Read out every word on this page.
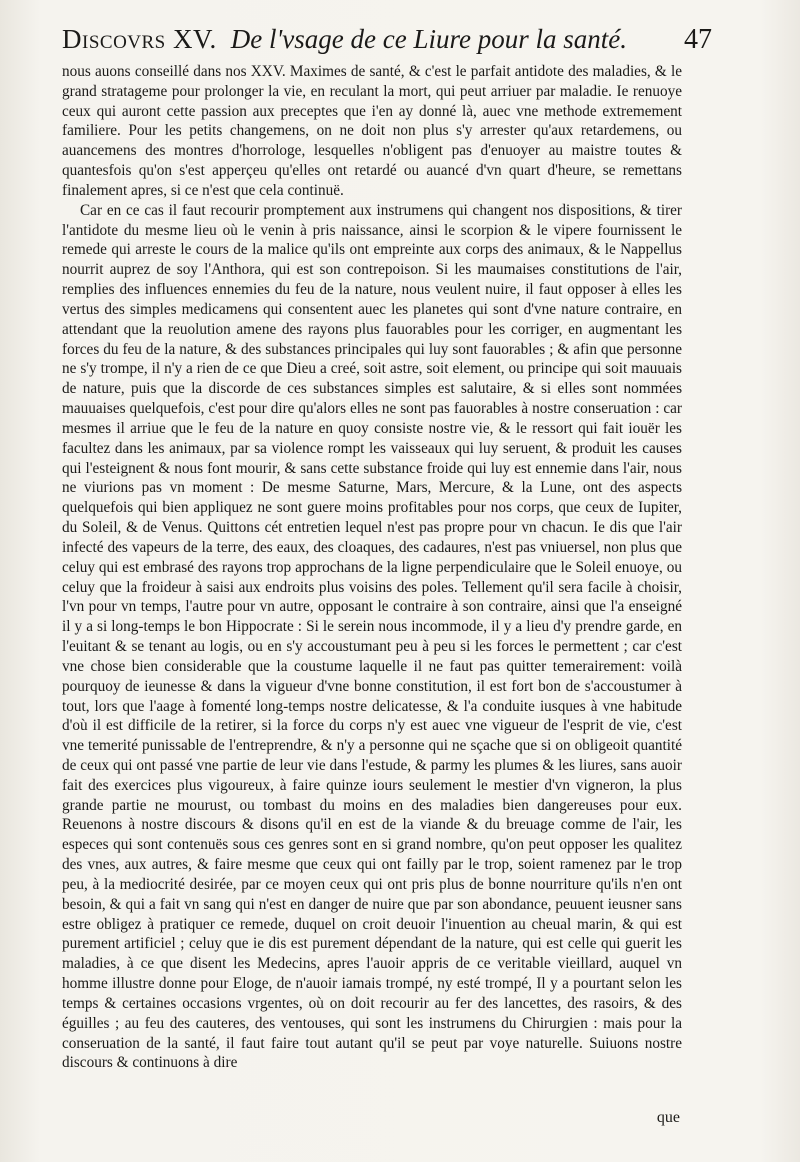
Discovrs XV. De l'vsage de ce Liure pour la santé. 47

nous auons conseillé dans nos XXV. Maximes de santé, & c'est le parfait antidote des maladies, & le grand stratageme pour prolonger la vie, en reculant la mort, qui peut arriuer par maladie. Ie renuoye ceux qui auront cette passion aux preceptes que i'en ay donné là, auec vne methode extremement familiere. Pour les petits changemens, on ne doit non plus s'y arrester qu'aux retardemens, ou auancemens des montres d'horrologe, lesquelles n'obligent pas d'enuoyer au maistre toutes & quantesfois qu'on s'est apperçeu qu'elles ont retardé ou auancé d'vn quart d'heure, se remettans finalement apres, si ce n'est que cela continuë.

Car en ce cas il faut recourir promptement aux instrumens qui changent nos dispositions, & tirer l'antidote du mesme lieu où le venin à pris naissance, ainsi le scorpion & le vipere fournissent le remede qui arreste le cours de la malice qu'ils ont empreinte aux corps des animaux, & le Nappellus nourrit auprez de soy l'Anthora, qui est son contrepoison. Si les maumaises constitutions de l'air, remplies des influences ennemies du feu de la nature, nous veulent nuire, il faut opposer à elles les vertus des simples medicamens qui consentent auec les planetes qui sont d'vne nature contraire, en attendant que la reuolution amene des rayons plus fauorables pour les corriger, en augmentant les forces du feu de la nature, & des substances principales qui luy sont fauorables ; & afin que personne ne s'y trompe, il n'y a rien de ce que Dieu a creé, soit astre, soit element, ou principe qui soit mauuais de nature, puis que la discorde de ces substances simples est salutaire, & si elles sont nommées mauuaises quelquefois, c'est pour dire qu'alors elles ne sont pas fauorables à nostre conseruation : car mesmes il arriue que le feu de la nature en quoy consiste nostre vie, & le ressort qui fait iouër les facultez dans les animaux, par sa violence rompt les vaisseaux qui luy seruent, & produit les causes qui l'esteignent & nous font mourir, & sans cette substance froide qui luy est ennemie dans l'air, nous ne viurions pas vn moment : De mesme Saturne, Mars, Mercure, & la Lune, ont des aspects quelquefois qui bien appliquez ne sont guere moins profitables pour nos corps, que ceux de Iupiter, du Soleil, & de Venus. Quittons cét entretien lequel n'est pas propre pour vn chacun. Ie dis que l'air infecté des vapeurs de la terre, des eaux, des cloaques, des cadaures, n'est pas vniuersel, non plus que celuy qui est embrasé des rayons trop approchans de la ligne perpendiculaire que le Soleil enuoye, ou celuy que la froideur à saisi aux endroits plus voisins des poles. Tellement qu'il sera facile à choisir, l'vn pour vn temps, l'autre pour vn autre, opposant le contraire à son contraire, ainsi que l'a enseigné il y a si long-temps le bon Hippocrate : Si le serein nous incommode, il y a lieu d'y prendre garde, en l'euitant & se tenant au logis, ou en s'y accoustumant peu à peu si les forces le permettent ; car c'est vne chose bien considerable que la coustume laquelle il ne faut pas quitter temerairement: voilà pourquoy de ieunesse & dans la vigueur d'vne bonne constitution, il est fort bon de s'accoustumer à tout, lors que l'aage à fomenté long-temps nostre delicatesse, & l'a conduite iusques à vne habitude d'où il est difficile de la retirer, si la force du corps n'y est auec vne vigueur de l'esprit de vie, c'est vne temerité punissable de l'entreprendre, & n'y a personne qui ne sçache que si on obligeoit quantité de ceux qui ont passé vne partie de leur vie dans l'estude, & parmy les plumes & les liures, sans auoir fait des exercices plus vigoureux, à faire quinze iours seulement le mestier d'vn vigneron, la plus grande partie ne mourust, ou tombast du moins en des maladies bien dangereuses pour eux. Reuenons à nostre discours & disons qu'il en est de la viande & du breuage comme de l'air, les especes qui sont contenuës sous ces genres sont en si grand nombre, qu'on peut opposer les qualitez des vnes, aux autres, & faire mesme que ceux qui ont failly par le trop, soient ramenez par le trop peu, à la mediocrité desirée, par ce moyen ceux qui ont pris plus de bonne nourriture qu'ils n'en ont besoin, & qui a fait vn sang qui n'est en danger de nuire que par son abondance, peuuent ieusner sans estre obligez à pratiquer ce remede, duquel on croit deuoir l'inuention au cheual marin, & qui est purement artificiel ; celuy que ie dis est purement dépendant de la nature, qui est celle qui guerit les maladies, à ce que disent les Medecins, apres l'auoir appris de ce veritable vieillard, auquel vn homme illustre donne pour Eloge, de n'auoir iamais trompé, ny esté trompé, Il y a pourtant selon les temps & certaines occasions vrgentes, où on doit recourir au fer des lancettes, des rasoirs, & des éguilles ; au feu des cauteres, des ventouses, qui sont les instrumens du Chirurgien : mais pour la conseruation de la santé, il faut faire tout autant qu'il se peut par voye naturelle. Suiuons nostre discours & continuons à dire

que
